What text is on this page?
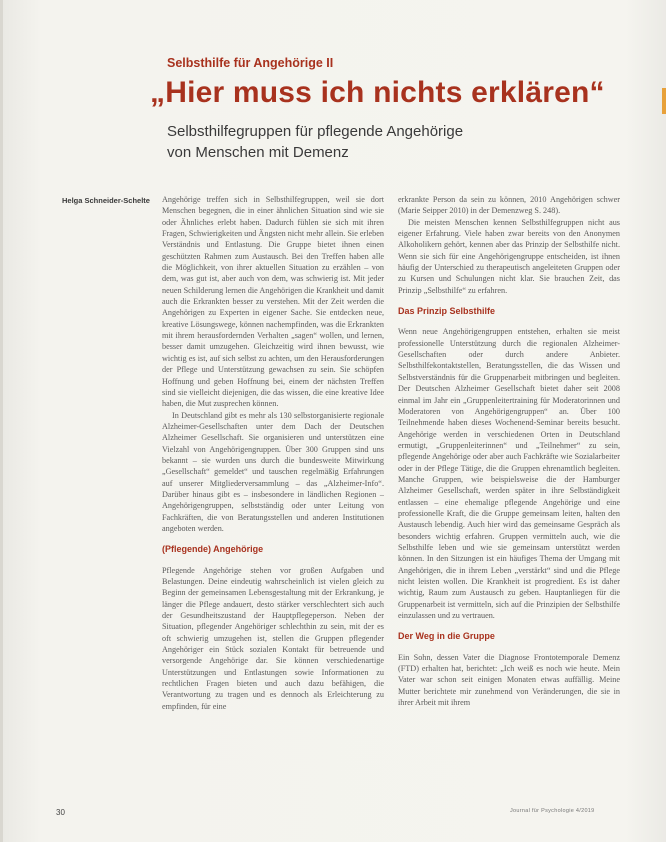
Selbsthilfe für Angehörige II
„Hier muss ich nichts erklären“
Selbsthilfegruppen für pflegende Angehörige
von Menschen mit Demenz
Helga Schneider-Schelte	Angehörige treffen sich in Selbsthilfegruppen, weil sie dort Menschen begegnen, die in einer ähnlichen Situation sind wie sie oder Ähnliches erlebt haben. Dadurch fühlen sie sich mit ihren Fragen, Schwierigkeiten und Ängsten nicht mehr allein. Sie erleben Verständnis und Entlastung. Die Gruppe bietet ihnen einen geschützten Rahmen zum Austausch. Bei den Treffen haben alle die Möglichkeit, von ihrer aktuellen Situation zu erzählen – von dem, was gut ist, aber auch von dem, was schwierig ist. Mit jeder neuen Schilderung lernen die Angehörigen die Krankheit und damit auch die Erkrankten besser zu verstehen. Mit der Zeit werden die Angehörigen zu Experten in eigener Sache. Sie entdecken neue, kreative Lösungswege, können nachempfinden, was die Erkrankten mit ihrem herausfordernden Verhalten „sagen“ wollen, und lernen, besser damit umzugehen. Gleichzeitig wird ihnen bewusst, wie wichtig es ist, auf sich selbst zu achten, um den Herausforderungen der Pflege und Unterstützung gewachsen zu sein. Sie schöpfen Hoffnung und geben Hoffnung bei, einem der nächsten Treffen sind sie vielleicht diejenigen, die das wissen, die eine kreative Idee haben, die Mut zusprechen können.

In Deutschland gibt es mehr als 130 selbstorganisierte regionale Alzheimer-Gesellschaften unter dem Dach der Deutschen Alzheimer Gesellschaft. Sie organisieren und unterstützen eine Vielzahl von Angehörigengruppen. Über 300 Gruppen sind uns bekannt – sie wurden uns durch die bundesweite Mitwirkung „Gesellschaft“ gemeldet“ und tauschen regelmäßig Erfahrungen auf unserer Mitgliederversammlung – das „Alzheimer-Info“. Darüber hinaus gibt es – insbesondere in ländlichen Regionen – Angehörigengruppen, selbstständig oder unter Leitung von Fachkräften, die von Beratungsstellen und anderen Institutionen angeboten werden.

(Pflegende) Angehörige

Pflegende Angehörige stehen vor großen Aufgaben und Belastungen. Deine eindeutig wahrscheinlich ist vielen gleich zu Beginn der gemeinsamen Lebensgestaltung mit der Erkrankung, je länger die Pflege andauert, desto stärker verschlechtert sich auch der Gesundheitszustand der Hauptpflegeperson. Neben der Situation, pflegender Angehöriger schlechthin zu sein, mit der es oft schwierig umzugehen ist, stellen die Gruppen pflegender Angehöriger ein Stück sozialen Kontakt für betreuende und versorgende Angehörige dar. Sie können verschiedenartige Unterstützungen und Entlastungen sowie Informationen zu rechtlichen Fragen bieten und auch dazu befähigen, die Verantwortung zu tragen und es dennoch als Erleichterung zu empfinden, für eine

erkrankte Person da sein zu können, 2010 Angehörigen schwer (Marie Seipper 2010) in der Demenzweg S. 248).

Die meisten Menschen kennen Selbsthilfegruppen nicht aus eigener Erfahrung. Viele haben zwar bereits von den Anonymen Alkoholikern gehört, kennen aber das Prinzip der Selbsthilfe nicht. Wenn sie sich für eine Angehörigengruppe entscheiden, ist ihnen häufig der Unterschied zu therapeutisch angeleiteten Gruppen oder zu Kursen und Schulungen nicht klar. Sie brauchen Zeit, das Prinzip „Selbsthilfe“ zu erfahren.

Das Prinzip Selbsthilfe

Wenn neue Angehörigengruppen entstehen, erhalten sie meist professionelle Unterstützung durch die regionalen Alzheimer-Gesellschaften oder durch andere Anbieter. Selbsthilfekontaktstellen, Beratungsstellen, die das Wissen und Selbstverständnis für die Gruppenarbeit mitbringen und begleiten. Der Deutschen Alzheimer Gesellschaft bietet daher seit 2008 einmal im Jahr ein „Gruppenleitertraining für Moderatorinnen und Moderatoren von Angehörigengruppen“ an. Über 100 Teilnehmende haben dieses Wochenend-Seminar bereits besucht. Angehörige werden in verschiedenen Orten in Deutschland ermutigt, „Gruppenleiterinnen“ und „Teilnehmer“ zu sein, pflegende Angehörige oder aber auch Fachkräfte wie Sozialarbeiter oder in der Pflege Tätige, die die Gruppen ehrenamtlich begleiten. Manche Gruppen, wie beispielsweise die der Hamburger Alzheimer Gesellschaft, werden später in ihre Selbständigkeit entlassen – eine ehemalige pflegende Angehörige und eine professionelle Kraft, die die Gruppe gemeinsam leiten, halten den Austausch lebendig. Auch hier wird das gemeinsame Gespräch als besonders wichtig erfahren. Gruppen vermitteln auch, wie die Selbsthilfe leben und wie sie gemeinsam unterstützt werden können. In den Sitzungen ist ein häufiges Thema der Umgang mit Angehörigen, die in ihrem Leben „verstärkt“ sind und die Pflege nicht leisten wollen. Die Krankheit ist progredient. Es ist daher wichtig, Raum zum Austausch zu geben. Hauptanliegen für die Gruppenarbeit ist vermitteln, sich auf die Prinzipien der Selbsthilfe einzulassen und zu vertrauen.

Der Weg in die Gruppe

Ein Sohn, dessen Vater die Diagnose Frontotemporale Demenz (FTD) erhalten hat, berichtet: „Ich weiß es noch wie heute. Mein Vater war schon seit einigen Monaten etwas auffällig. Meine Mutter berichtete mir zunehmend von Veränderungen, die sie in ihrer Arbeit mit ihrem

30	Journal für Psychologie 4/2019
